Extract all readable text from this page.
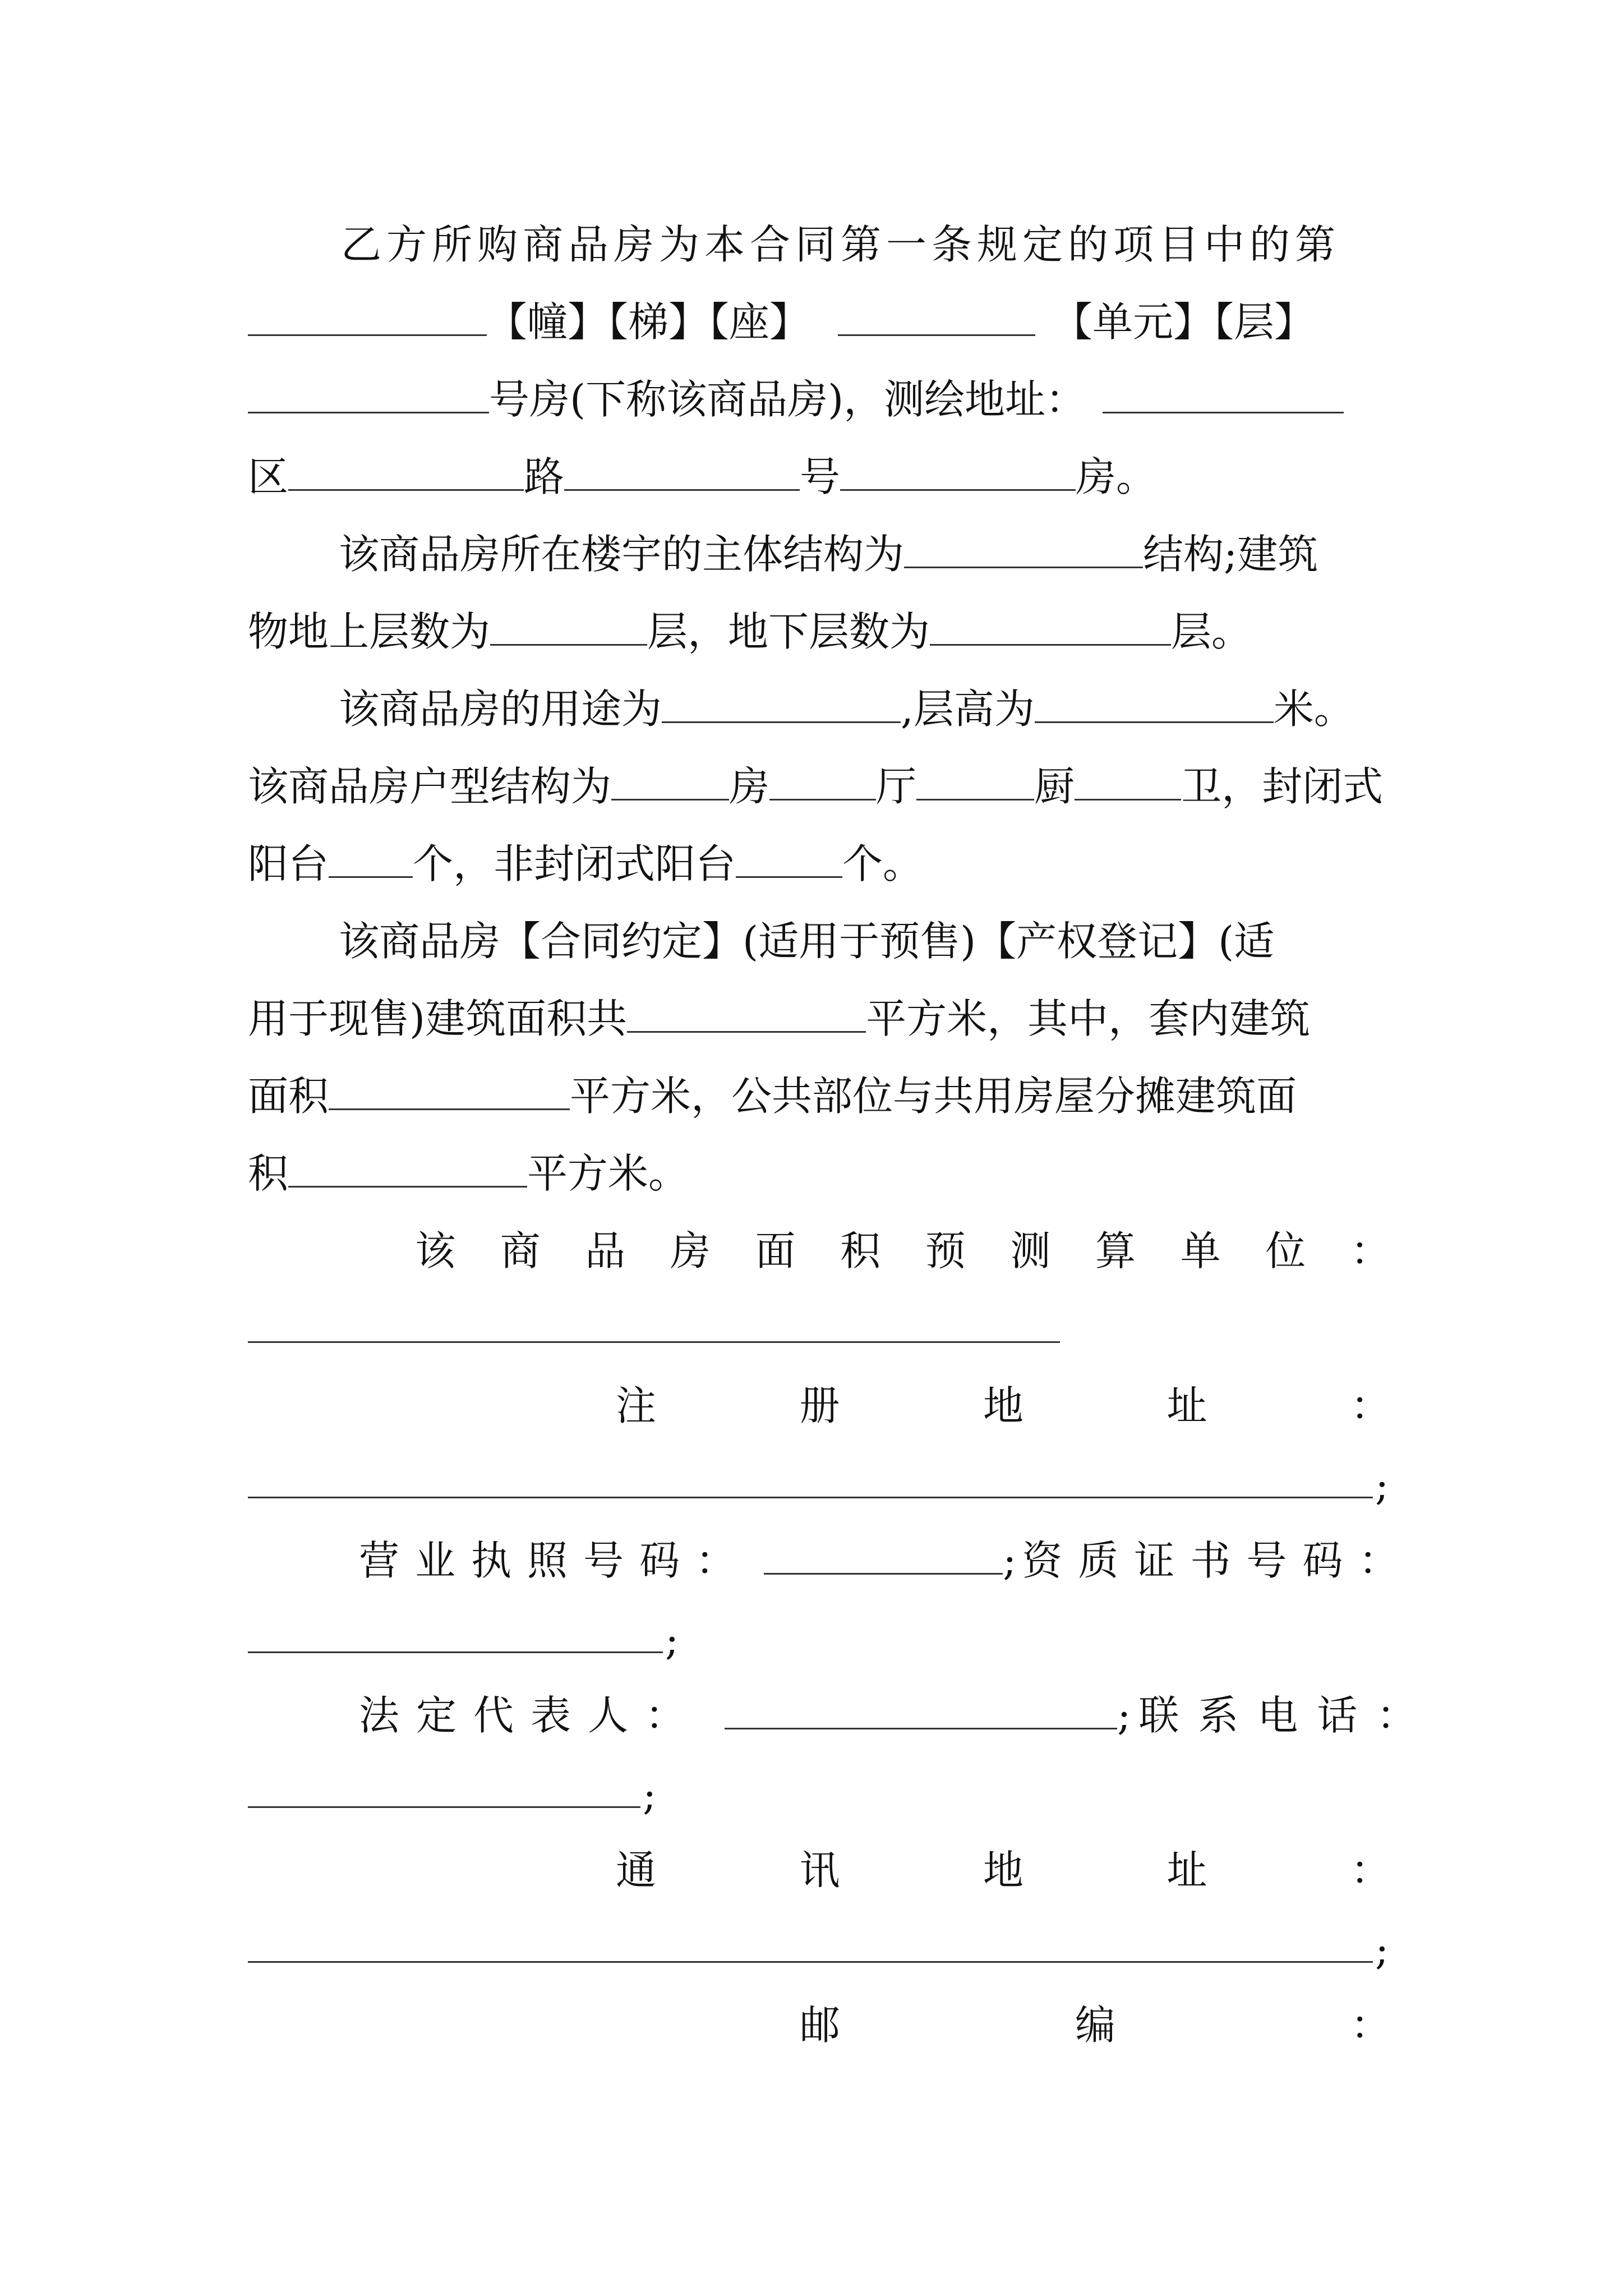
乙方所购商品房为本合同第一条规定的项目中的第
【幢】【梯】【座】	【单元】【层】
号房(下称该商品房)，测绘地址：
区	路	号	房。
该商品房所在楼宇的主体结构为	结构;建筑
物地上层数为	层，地下层数为	层。
该商品房的用途为	,层高为	米。
该商品房户型结构为	房	厅	厨	卫，封闭式
阳台 个，非封闭式阳台	个。
该商品房【合同约定】(适用于预售)【产权登记】(适
用于现售)建筑面积共	平方米，其中，套内建筑
面积	平方米，公共部位与共用房屋分摊建筑面
积	平方米。
该 商 品 房 面 积 预 测 算 单 位 ：
注	册	地	址	：
;
营业执照号码：	; 资质证书号码：
;
法定代表人：	; 联系电话：
;
通	讯	地	址	：
;
邮	编	：
